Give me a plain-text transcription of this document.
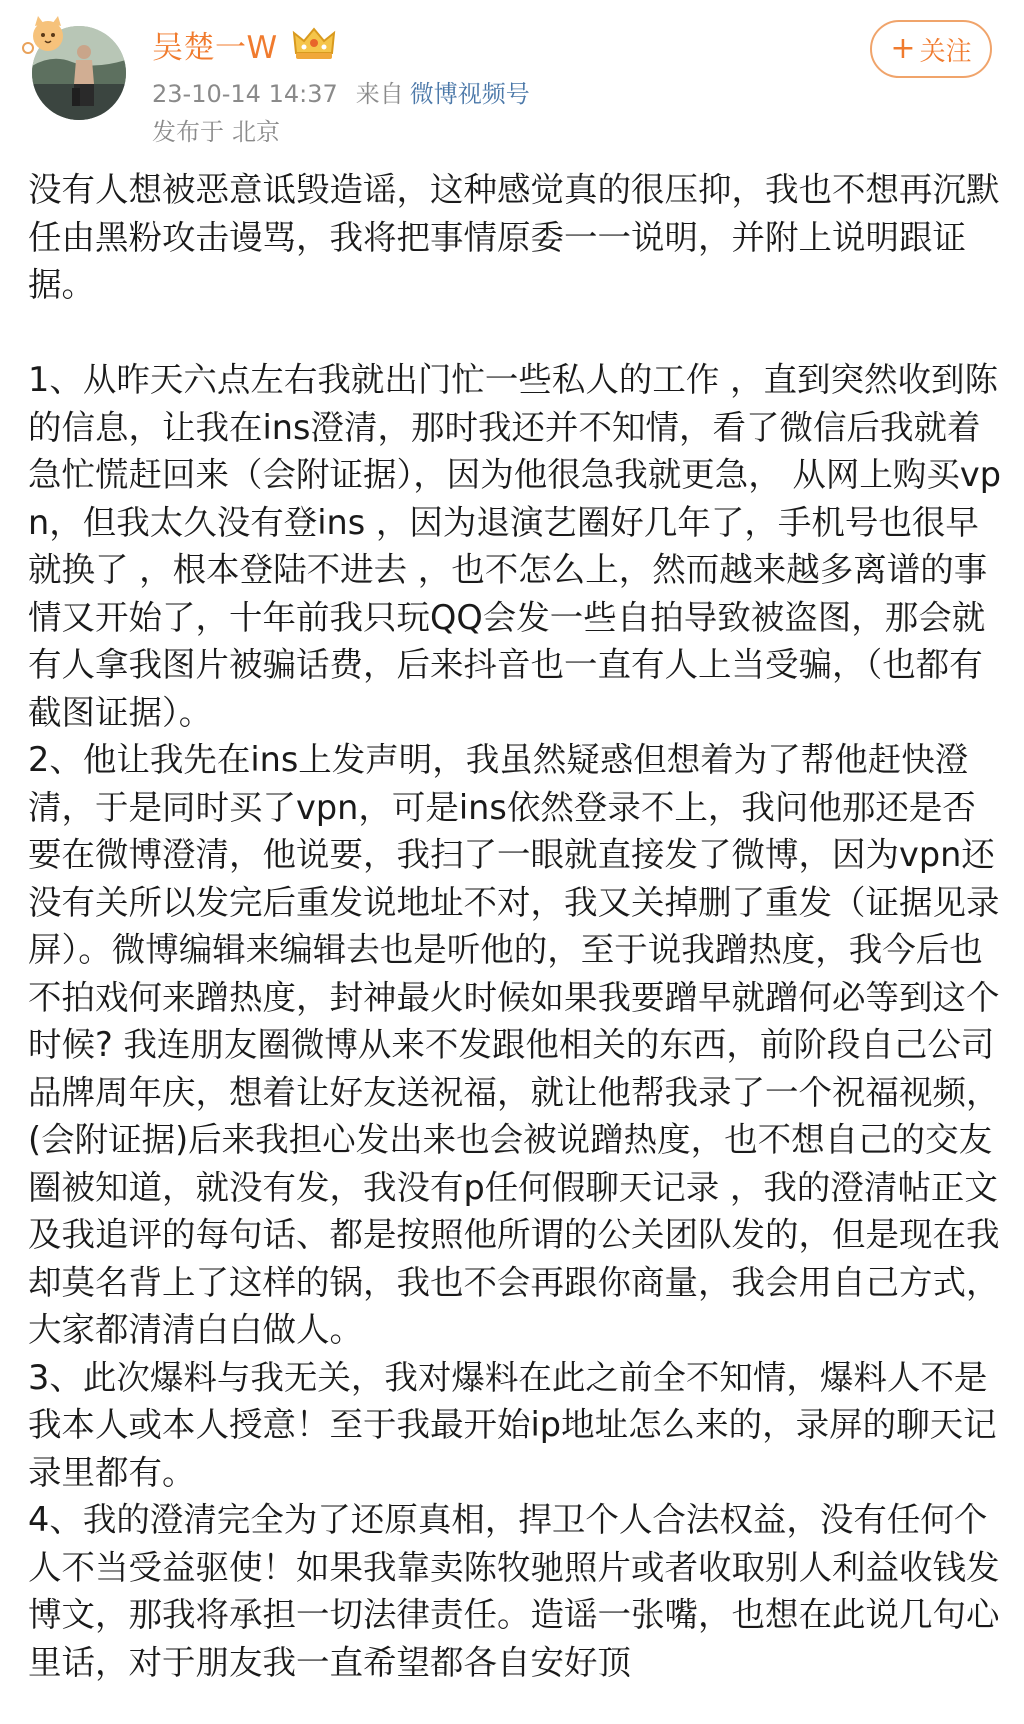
吴楚一W
23-10-14 14:37 来自 微博视频号
发布于 北京
+ 关注

没有人想被恶意诋毁造谣，这种感觉真的很压抑，我也不想再沉默任由黑粉攻击谩骂，我将把事情原委一一说明，并附上说明跟证据。

1、从昨天六点左右我就出门忙一些私人的工作 ，直到突然收到陈的信息，让我在ins澄清，那时我还并不知情，看了微信后我就着急忙慌赶回来（会附证据），因为他很急我就更急， 从网上购买vpn，但我太久没有登ins ，因为退演艺圈好几年了，手机号也很早就换了 ，根本登陆不进去 ，也不怎么上，然而越来越多离谱的事情又开始了，十年前我只玩QQ会发一些自拍导致被盗图，那会就有人拿我图片被骗话费，后来抖音也一直有人上当受骗，（也都有截图证据）。

2、他让我先在ins上发声明，我虽然疑惑但想着为了帮他赶快澄清，于是同时买了vpn，可是ins依然登录不上，我问他那还是否要在微博澄清，他说要，我扫了一眼就直接发了微博，因为vpn还没有关所以发完后重发说地址不对，我又关掉删了重发（证据见录屏）。微博编辑来编辑去也是听他的，至于说我蹭热度，我今后也不拍戏何来蹭热度，封神最火时候如果我要蹭早就蹭何必等到这个时候? 我连朋友圈微博从来不发跟他相关的东西，前阶段自己公司品牌周年庆，想着让好友送祝福，就让他帮我录了一个祝福视频，(会附证据)后来我担心发出来也会被说蹭热度，也不想自己的交友圈被知道，就没有发，我没有p任何假聊天记录 ，我的澄清帖正文及我追评的每句话、都是按照他所谓的公关团队发的，但是现在我却莫名背上了这样的锅，我也不会再跟你商量，我会用自己方式，大家都清清白白做人。

3、此次爆料与我无关，我对爆料在此之前全不知情，爆料人不是我本人或本人授意！至于我最开始ip地址怎么来的，录屏的聊天记录里都有。

4、我的澄清完全为了还原真相，捍卫个人合法权益，没有任何个人不当受益驱使！如果我靠卖陈牧驰照片或者收取别人利益收钱发博文，那我将承担一切法律责任。造谣一张嘴，也想在此说几句心里话，对于朋友我一直希望都各自安好顶
